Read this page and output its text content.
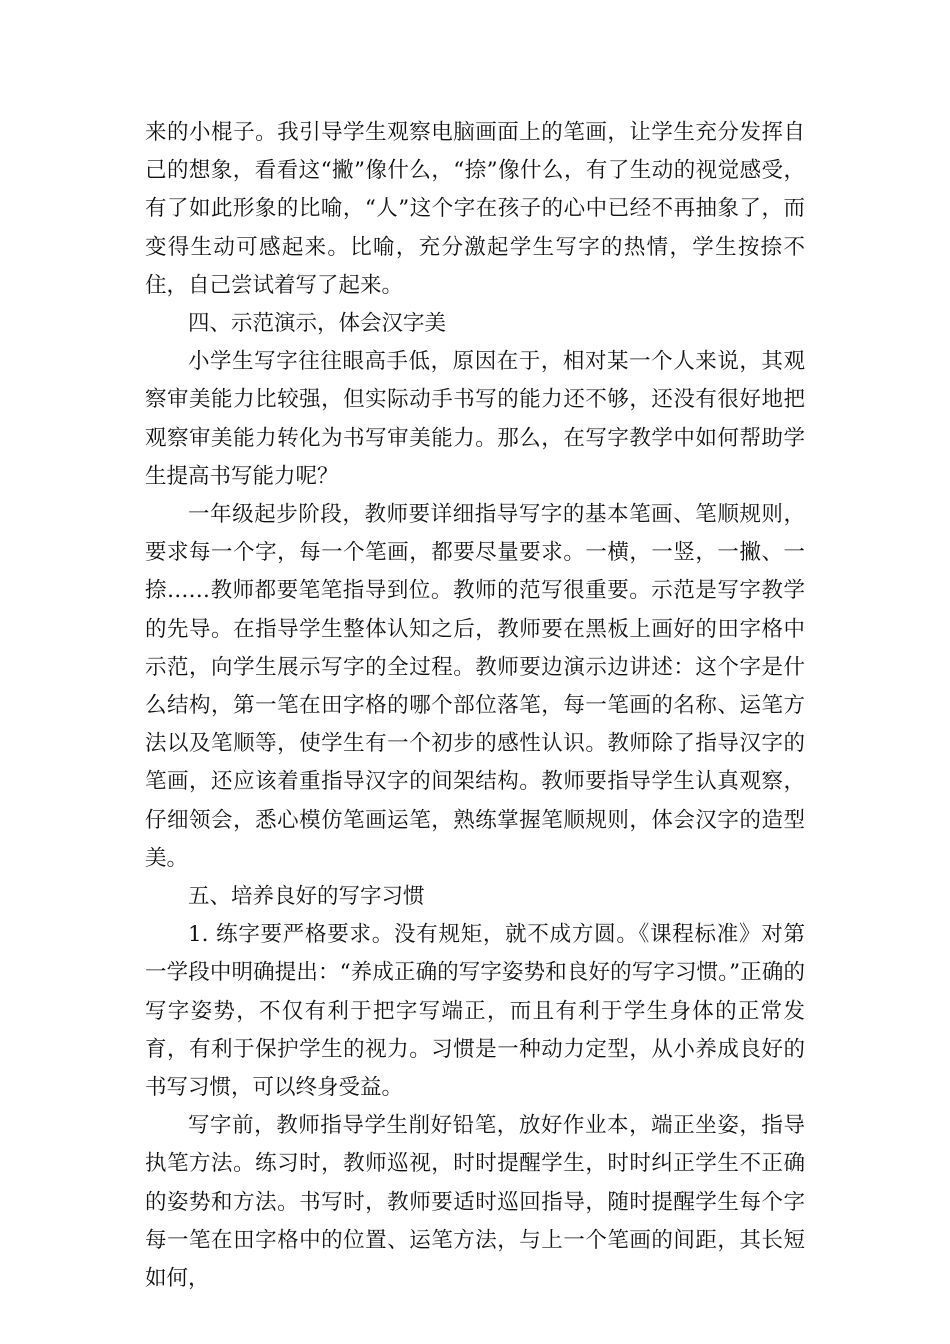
来的小棍子。我引导学生观察电脑画面上的笔画，让学生充分发挥自己的想象，看看这“撇”像什么，“捺”像什么，有了生动的视觉感受，有了如此形象的比喻，“人”这个字在孩子的心中已经不再抽象了，而变得生动可感起来。比喻，充分激起学生写字的热情，学生按捺不住，自己尝试着写了起来。

四、示范演示，体会汉字美

小学生写字往往眼高手低，原因在于，相对某一个人来说，其观察审美能力比较强，但实际动手书写的能力还不够，还没有很好地把观察审美能力转化为书写审美能力。那么，在写字教学中如何帮助学生提高书写能力呢？

一年级起步阶段，教师要详细指导写字的基本笔画、笔顺规则，要求每一个字，每一个笔画，都要尽量要求。一横，一竖，一撇、一捺……教师都要笔笔指导到位。教师的范写很重要。示范是写字教学的先导。在指导学生整体认知之后，教师要在黑板上画好的田字格中示范，向学生展示写字的全过程。教师要边演示边讲述：这个字是什么结构，第一笔在田字格的哪个部位落笔，每一笔画的名称、运笔方法以及笔顺等，使学生有一个初步的感性认识。教师除了指导汉字的笔画，还应该着重指导汉字的间架结构。教师要指导学生认真观察，仔细领会，悉心模仿笔画运笔，熟练掌握笔顺规则，体会汉字的造型美。

五、培养良好的写字习惯

1. 练字要严格要求。没有规矩，就不成方圆。《课程标准》对第一学段中明确提出：“养成正确的写字姿势和良好的写字习惯。”正确的写字姿势，不仅有利于把字写端正，而且有利于学生身体的正常发育，有利于保护学生的视力。习惯是一种动力定型，从小养成良好的书写习惯，可以终身受益。

写字前，教师指导学生削好铅笔，放好作业本，端正坐姿，指导执笔方法。练习时，教师巡视，时时提醒学生，时时纠正学生不正确的姿势和方法。书写时，教师要适时巡回指导，随时提醒学生每个字每一笔在田字格中的位置、运笔方法，与上一个笔画的间距，其长短如何，
